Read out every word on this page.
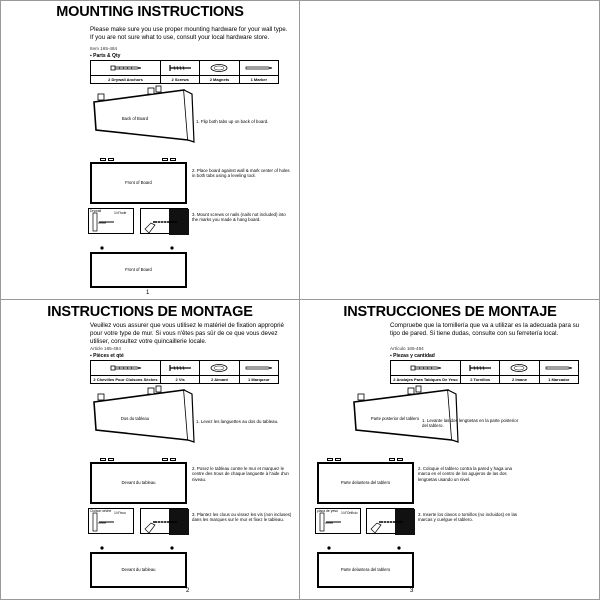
MOUNTING INSTRUCTIONS
Please make sure you use proper mounting hardware for your wall type. If you are not sure what to use, consult your local hardware store.
Item 165-484
▪ Parts & Qty
2 Drywall Anchors	2 Screws	2 Magnets	1 Marker
Back of Board
1. Flip both tabs up on back of board.
Front of Board
2. Place board against wall & mark center of holes in both tabs using a leveling tool.
Drywall	1/4"hole	3. Mount screws or nails (nails not included) into the marks you made & hang board.
Front of Board
1
INSTRUCTIONS DE MONTAGE
Veuillez vous assurer que vous utilisez le matériel de fixation approprié pour votre type de mur. Si vous n'êtes pas sûr de ce que vous devez utiliser, consultez votre quincaillerie locale.
Article 165-484
▪ Pièces et qté
2 Chevilles Pour Cloisons Sèches	2 Vis	2 Aimant	1 Marqueur
Dos du tableau
1. Levez les languettes au dos du tableau.
Devant du tableau
2. Posez le tableau contre le mur et marquez le centre des trous de chaque languette à l'aide d'un niveau.
Cloison sèche 1/4"trou	3. Plantez les clous ou vissez les vis (non incluses) dans les marques sur le mur et fixez le tableau.
Devant du tableau
2
INSTRUCCIONES DE MONTAJE
Compruebe que la tornillería que va a utilizar es la adecuada para su tipo de pared. Si tiene dudas, consulte con su ferretería local.
Artículo 165-484
▪ Piezas y cantidad
2 Anclajes Para Tabiques De Yeso	2 Tornillos	2 Imane	1 Marcador
Parte posterior del tablero 1. Levante las dos lengüetas en la parte posterior del tablero.
Parte delantera del tablero
2. Coloque el tablero contra la pared y haga una marca en el centro de los agujeros de las dos lengüetas usando un nivel.
placa de yeso 1/4"Orificio	3. Inserte los clavos o tornillos (no incluidos) en las marcas y cuelgue el tablero.
Parte delantera del tablero
3
